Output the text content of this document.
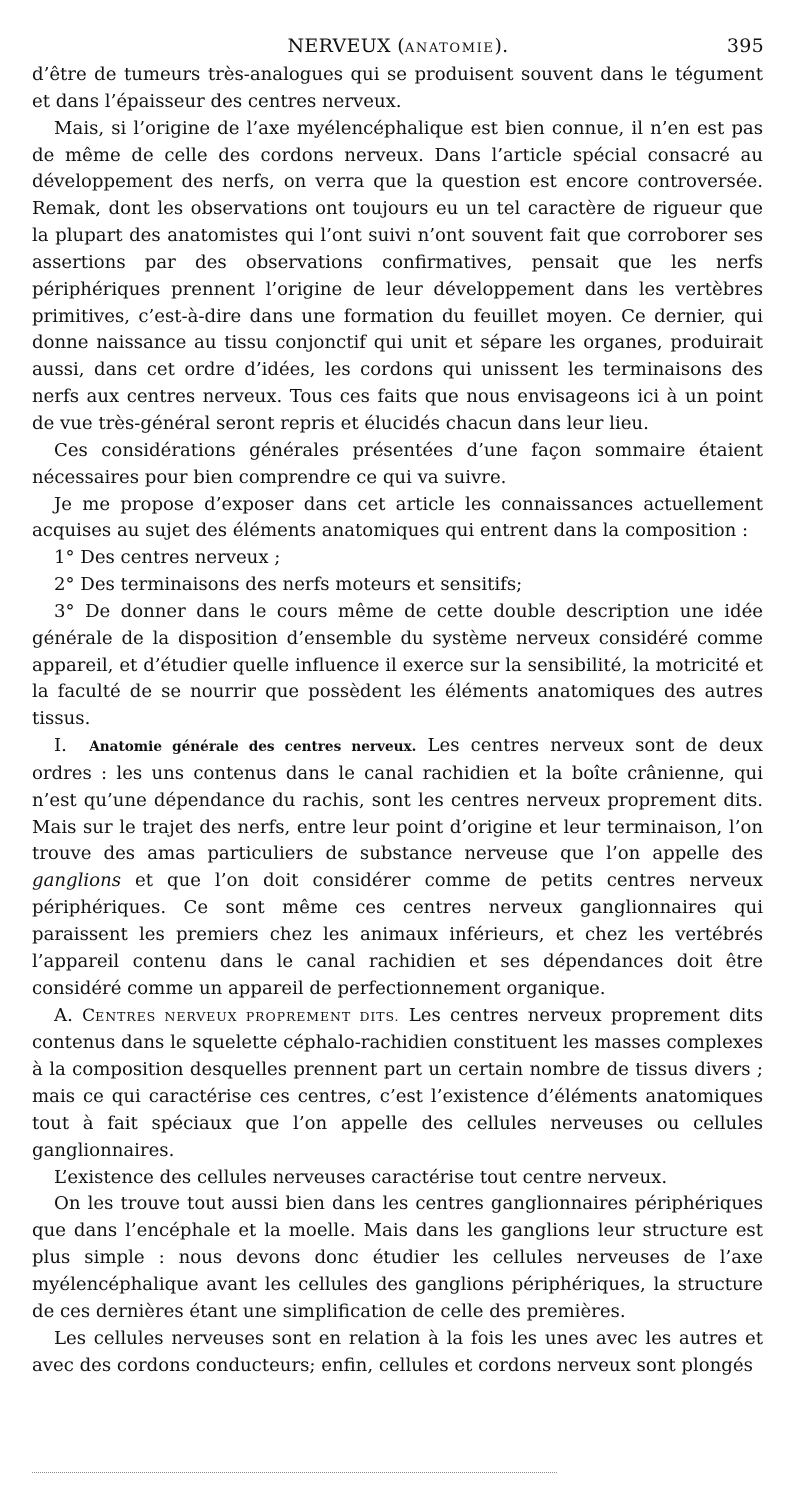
NERVEUX (ANATOMIE).	395

d’être de tumeurs très-analogues qui se produisent souvent dans le tégument et dans l’épaisseur des centres nerveux.

Mais, si l’origine de l’axe myélencéphalique est bien connue, il n’en est pas de même de celle des cordons nerveux. Dans l’article spécial consacré au développement des nerfs, on verra que la question est encore controversée. Remak, dont les observations ont toujours eu un tel caractère de rigueur que la plupart des anatomistes qui l’ont suivi n’ont souvent fait que corroborer ses assertions par des observations confirmatives, pensait que les nerfs périphériques prennent l’origine de leur développement dans les vertèbres primitives, c’est-à-dire dans une formation du feuillet moyen. Ce dernier, qui donne naissance au tissu conjonctif qui unit et sépare les organes, produirait aussi, dans cet ordre d’idées, les cordons qui unissent les terminaisons des nerfs aux centres nerveux. Tous ces faits que nous envisageons ici à un point de vue très-général seront repris et élucidés chacun dans leur lieu.

Ces considérations générales présentées d’une façon sommaire étaient nécessaires pour bien comprendre ce qui va suivre.

Je me propose d’exposer dans cet article les connaissances actuellement acquises au sujet des éléments anatomiques qui entrent dans la composition :

1° Des centres nerveux ;

2° Des terminaisons des nerfs moteurs et sensitifs;

3° De donner dans le cours même de cette double description une idée générale de la disposition d’ensemble du système nerveux considéré comme appareil, et d’étudier quelle influence il exerce sur la sensibilité, la motricité et la faculté de se nourrir que possèdent les éléments anatomiques des autres tissus.

I. Anatomie générale des centres nerveux. Les centres nerveux sont de deux ordres : les uns contenus dans le canal rachidien et la boîte crânienne, qui n’est qu’une dépendance du rachis, sont les centres nerveux proprement dits. Mais sur le trajet des nerfs, entre leur point d’origine et leur terminaison, l’on trouve des amas particuliers de substance nerveuse que l’on appelle des ganglions et que l’on doit considérer comme de petits centres nerveux périphériques. Ce sont même ces centres nerveux ganglionnaires qui paraissent les premiers chez les animaux inférieurs, et chez les vertébrés l’appareil contenu dans le canal rachidien et ses dépendances doit être considéré comme un appareil de perfectionnement organique.

A. CENTRES NERVEUX PROPREMENT DITS. Les centres nerveux proprement dits contenus dans le squelette céphalo-rachidien constituent les masses complexes à la composition desquelles prennent part un certain nombre de tissus divers ; mais ce qui caractérise ces centres, c’est l’existence d’éléments anatomiques tout à fait spéciaux que l’on appelle des cellules nerveuses ou cellules ganglionnaires.

L’existence des cellules nerveuses caractérise tout centre nerveux.

On les trouve tout aussi bien dans les centres ganglionnaires périphériques que dans l’encéphale et la moelle. Mais dans les ganglions leur structure est plus simple : nous devons donc étudier les cellules nerveuses de l’axe myélencéphalique avant les cellules des ganglions périphériques, la structure de ces dernières étant une simplification de celle des premières.

Les cellules nerveuses sont en relation à la fois les unes avec les autres et avec des cordons conducteurs; enfin, cellules et cordons nerveux sont plongés
